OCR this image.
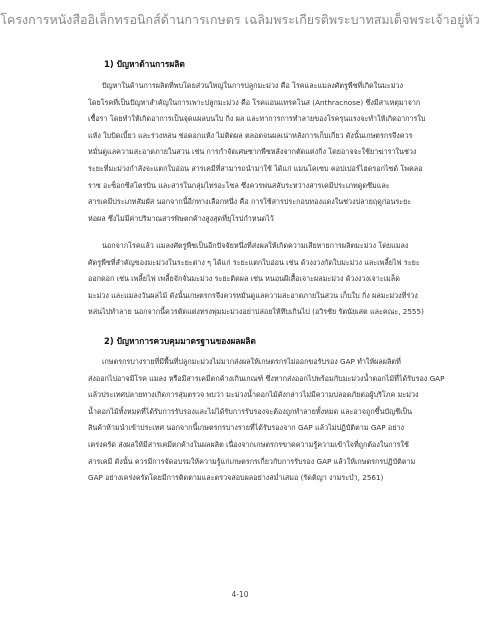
โครงการหนังสืออิเล็กทรอนิกส์ด้านการเกษตร เฉลิมพระเกียรติพระบาทสมเด็จพระเจ้าอยู่หัว
1) ปัญหาด้านการผลิต
ปัญหาในด้านการผลิตที่พบโดยส่วนใหญ่ในการปลูกมะม่วง คือ โรคและแมลงศัตรูพืชที่เกิดในมะม่วง
โดยโรคที่เป็นปัญหาสำคัญในการเพาะปลูกมะม่วง คือ โรคแอนแทรคโนส (Anthracnose) ซึ่งมีสาเหตุมาจาก
เชื้อรา โดยทำให้เกิดอาการเป็นจุดแผลบนใบ กิ่ง ผล และทาการการทำลายของโรครุนแรงจะทำให้เกิดอาการใบ
แห้ง ใบบิดเบี้ยว และร่วงหล่น ช่อดอกแห้ง ไม่ติดผล ตลอดจนผลเน่าหลังการเก็บเกี่ยว ดังนั้นเกษตรกรจึงควร
หมั่นดูแลความสะอาดภายในสวน เช่น การกำจัดเศษซากพืชหลังจากตัดแต่งกิ่ง โดยอาจจะใช้ยาฆ่าราในช่วง
ระยะที่มะม่วงกำลังจะแตกใบอ่อน สารเคมีที่สามารถนำมาใช้ ได้แก่ แมนโคเซบ คอปเปอร์ไฮดรอกไซด์ โพคลอ
ราซ อะซ็อกซีสโตรบิน และสารในกลุ่มไทรอะโซล ซึ่งควรพ่นสลับระหว่างสารเคมีประเภทดูดซึมและ
สารเคมีประเภทสัมผัส นอกจากนี้อีกทางเลือกหนึ่ง คือ การใช้สารประกอบทองแดงในช่วงปลายฤดูก่อนระยะ
ห่อผล ซึ่งไม่มีค่าปริมาณสารพิษตกค้างสูงสุดที่ยุโรปกำหนดไว้
นอกจากโรคแล้ว แมลงศัตรูพืชเป็นอีกปัจจัยหนึ่งที่ส่งผลให้เกิดความเสียหายการผลิตมะม่วง โดยแมลง
ศัตรูพืชที่สำคัญของมะม่วงในระยะต่าง ๆ ได้แก่ ระยะแตกใบอ่อน เช่น ด้วงงวงกัดใบมะม่วง และเพลี้ยไฟ ระยะ
ออกดอก เช่น เพลี้ยไฟ เพลี้ยจักจั่นมะม่วง ระยะติดผล เช่น หนอนผีเสื้อเจาะผลมะม่วง ด้วงงวงเจาะเมล็ด
มะม่วง และแมลงวันผลไม้ ดังนั้นเกษตรกรจึงควรหมั่นดูแลความสะอาดภายในสวน เก็บใบ กิ่ง ผลมะม่วงที่ร่วง
หล่นไปทำลาย นอกจากนี้ควรตัดแต่งทรงพุ่มมะม่วงอย่าปล่อยให้ทึบเกินไป (อวิรชัย รัตนัยเสต และคณะ, 2555)
2) ปัญหาการควบคุมมาตรฐานของผลผลิต
เกษตรกรบางรายที่มีพื้นที่ปลูกมะม่วงไม่มากส่งผลให้เกษตรกรไม่ออกขอรับรอง GAP ทำให้ผลผลิตที่
ส่งออกไปอาจมีโรค แมลง หรือมีสารเคมีตกค้างเกินเกณฑ์ ซึ่งหากส่งออกไปพร้อมกับมะม่วงน้ำดอกไม้ที่ได้รับรอง GAP
แล้วประเทศปลายทางเกิดการสุ่มตรวจ พบว่า มะม่วงน้ำดอกไม้ดังกล่าวไม่มีความปลอดภัยต่อผู้บริโภค มะม่วง
น้ำดอกไม้ทั้งหมดที่ได้รับการรับรองและไม่ได้รับการรับรองจะต้องถูกทำลายทั้งหมด และอาจถูกขึ้นบัญชีเป็น
สินค้าห้ามนำเข้าประเทศ นอกจากนี้เกษตรกรบางรายที่ได้รับรองจาก GAP แล้วไม่ปฏิบัติตาม GAP อย่าง
เคร่งครัด ส่งผลให้มีสารเคมีตกค้างในผลผลิต เนื่องจากเกษตรกรขาดความรู้ความเข้าใจที่ถูกต้องในการใช้
สารเคมี ดังนั้น ควรมีการจัดอบรมให้ความรู้แก่เกษตรกรเกี่ยวกับการรับรอง GAP แล้วให้เกษตรกรปฏิบัติตาม
GAP อย่างเคร่งครัดโดยมีการติดตามและตรวจสอบผลอย่างสม่ำเสมอ (รัดติญา งามระบำ, 2561)
4-10
